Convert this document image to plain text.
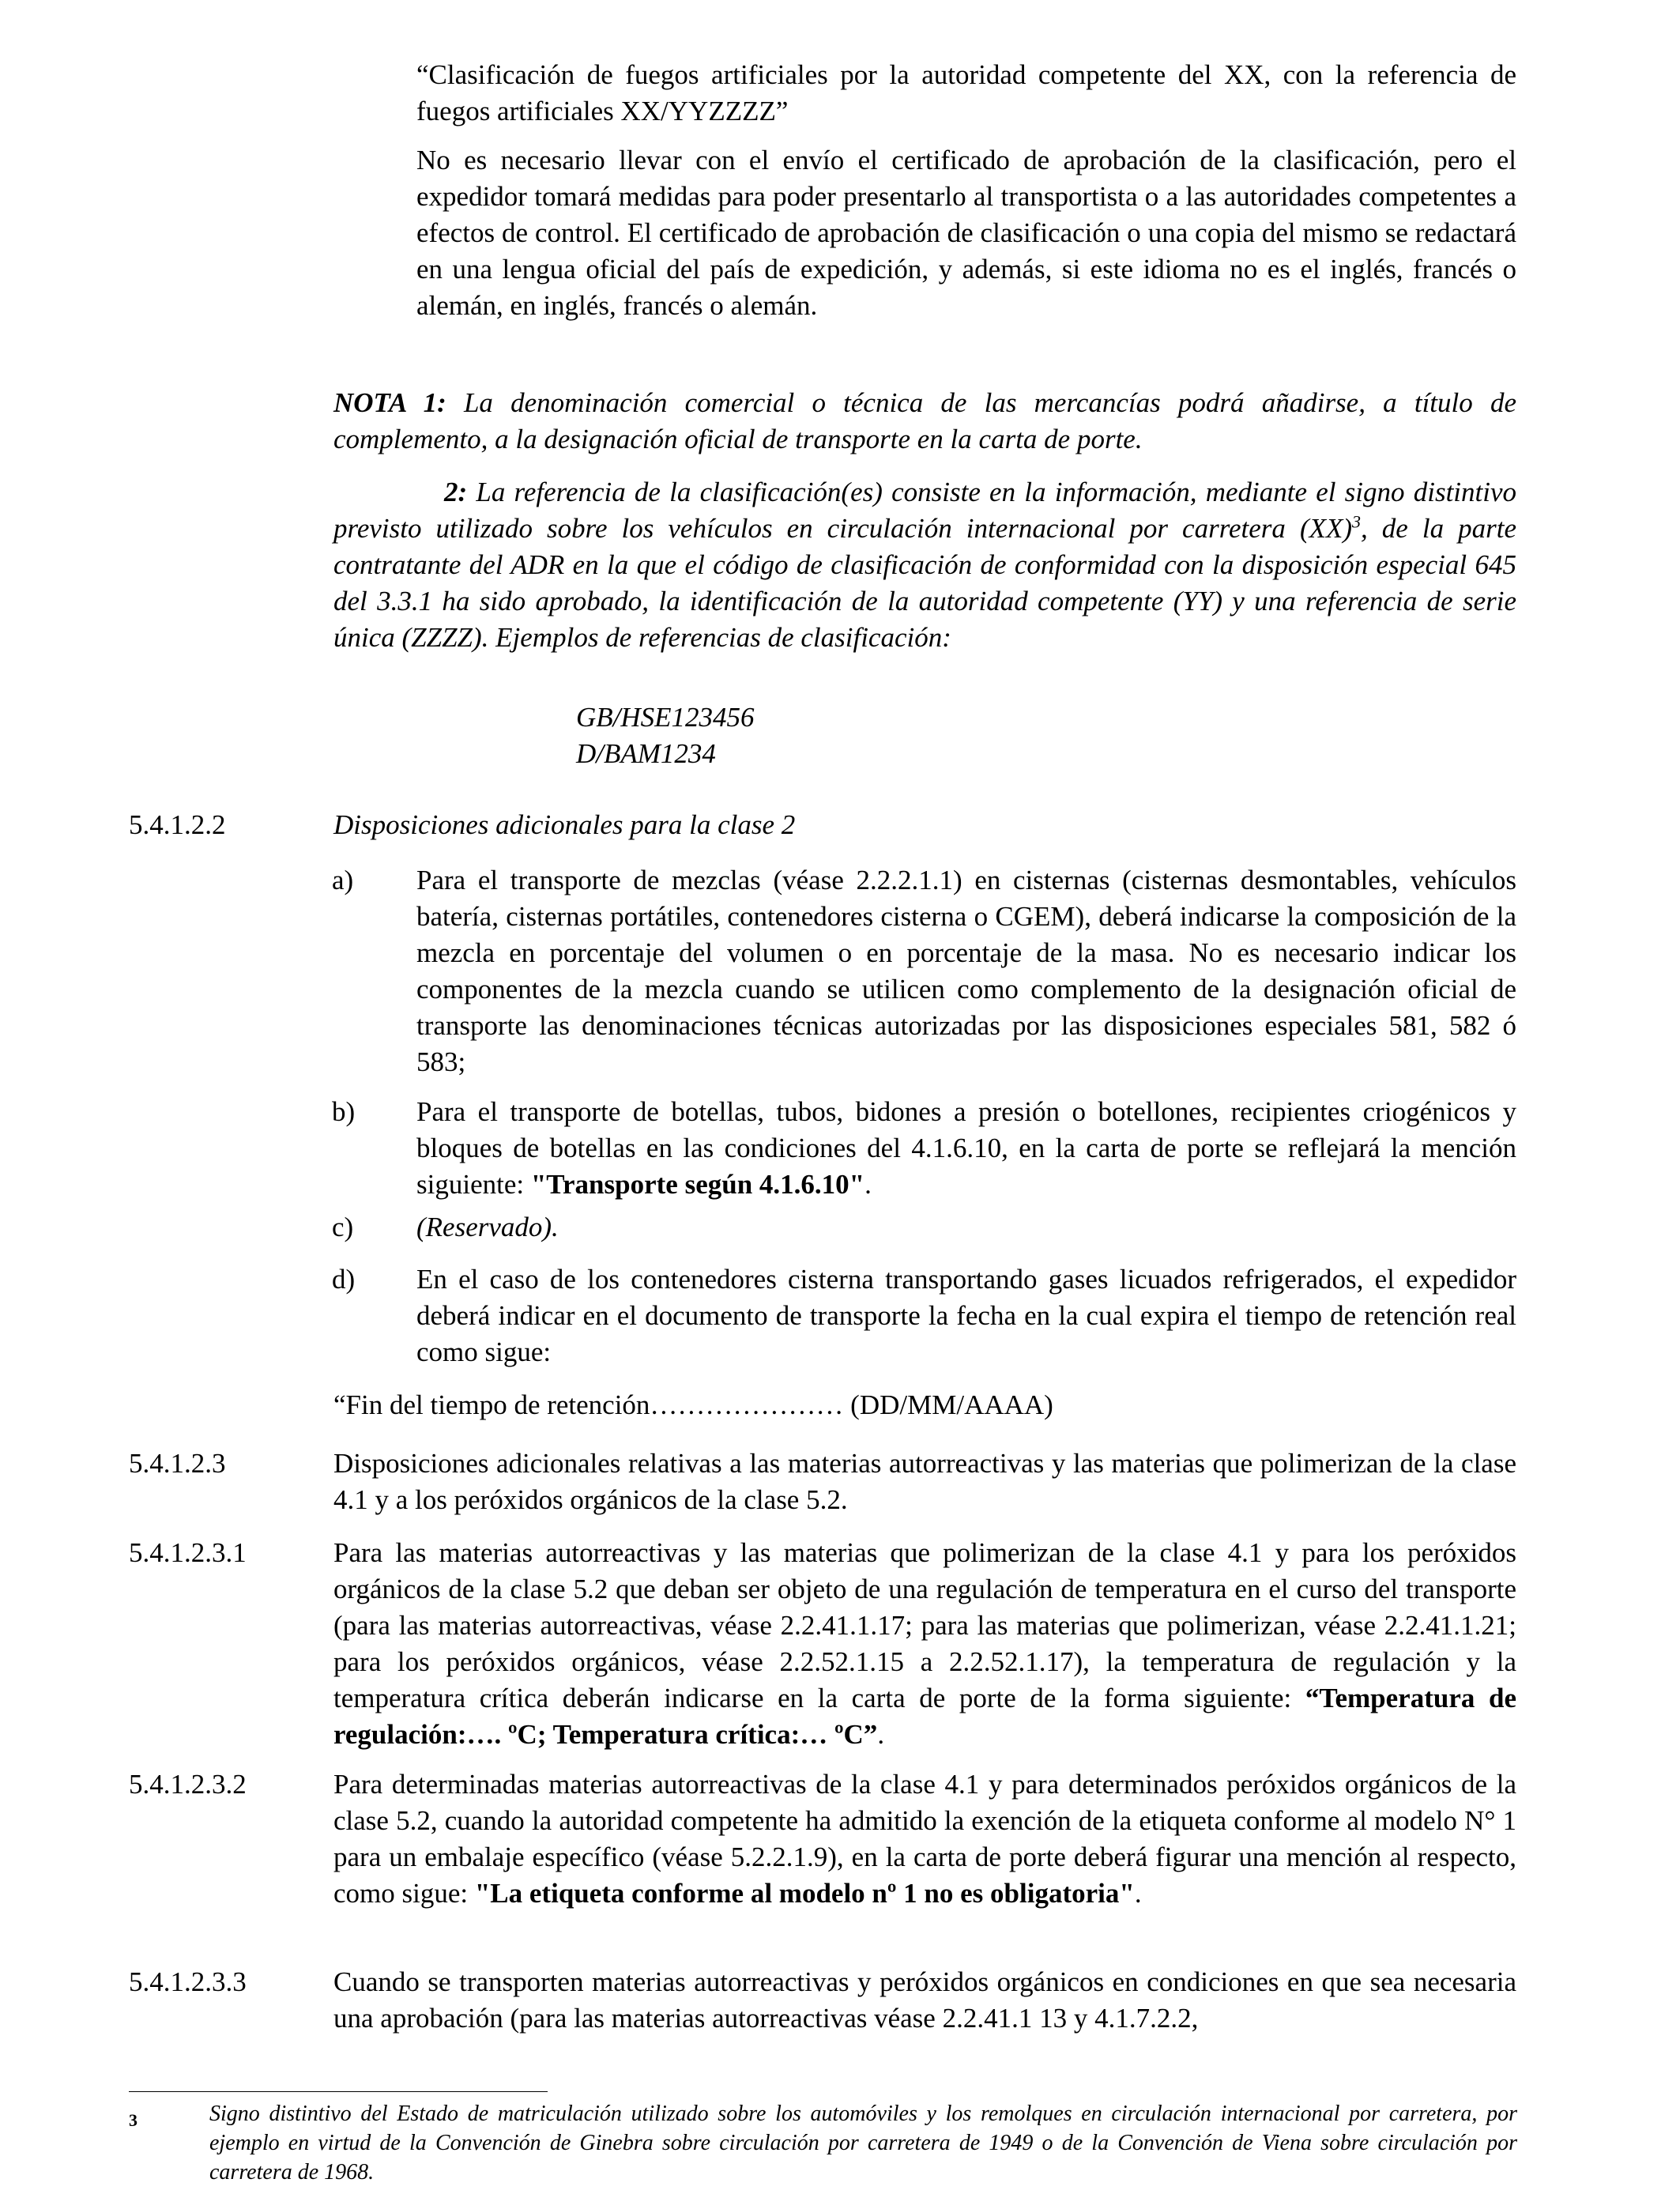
“Clasificación de fuegos artificiales por la autoridad competente del XX, con la referencia de fuegos artificiales XX/YYZZZZ”

No es necesario llevar con el envío el certificado de aprobación de la clasificación, pero el expedidor tomará medidas para poder presentarlo al transportista o a las autoridades competentes a efectos de control. El certificado de aprobación de clasificación o una copia del mismo se redactará en una lengua oficial del país de expedición, y además, si este idioma no es el inglés, francés o alemán, en inglés, francés o alemán.

NOTA 1: La denominación comercial o técnica de las mercancías podrá añadirse, a título de complemento, a la designación oficial de transporte en la carta de porte.

2: La referencia de la clasificación(es) consiste en la información, mediante el signo distintivo previsto utilizado sobre los vehículos en circulación internacional por carretera (XX)$^3$, de la parte contratante del ADR en la que el código de clasificación de conformidad con la disposición especial 645 del 3.3.1 ha sido aprobado, la identificación de la autoridad competente (YY) y una referencia de serie única (ZZZZ). Ejemplos de referencias de clasificación:

GB/HSE123456

D/BAM1234

5.4.1.2.2	Disposiciones adicionales para la clase 2
a) Para el transporte de mezclas (véase 2.2.2.1.1) en cisternas (cisternas desmontables, vehículos batería, cisternas portátiles, contenedores cisterna o CGEM), deberá indicarse la composición de la mezcla en porcentaje del volumen o en porcentaje de la masa. No es necesario indicar los componentes de la mezcla cuando se utilicen como complemento de la designación oficial de transporte las denominaciones técnicas autorizadas por las disposiciones especiales 581, 582 ó 583;
b) Para el transporte de botellas, tubos, bidones a presión o botellones, recipientes criogénicos y bloques de botellas en las condiciones del 4.1.6.10, en la carta de porte se reflejará la mención siguiente: "Transporte según 4.1.6.10".

c) (Reservado).
d) En el caso de los contenedores cisterna transportando gases licuados refrigerados, el expedidor deberá indicar en el documento de transporte la fecha en la cual expira el tiempo de retención real como sigue:
“Fin del tiempo de retención………………… (DD/MM/AAAA)
5.4.1.2.3	Disposiciones adicionales relativas a las materias autorreactivas y las materias que polimerizan de la clase 4.1 y a los peróxidos orgánicos de la clase 5.2.
5.4.1.2.3.1	Para las materias autorreactivas y las materias que polimerizan de la clase 4.1 y para los peróxidos orgánicos de la clase 5.2 que deban ser objeto de una regulación de temperatura en el curso del transporte (para las materias autorreactivas, véase 2.2.41.1.17; para las materias que polimerizan, véase 2.2.41.1.21; para los peróxidos orgánicos, véase 2.2.52.1.15 a 2.2.52.1.17), la temperatura de regulación y la temperatura crítica deberán indicarse en la carta de porte de la forma siguiente: “Temperatura de regulación:…. ºC; Temperatura crítica:… ºC”.

5.4.1.2.3.2	Para determinadas materias autorreactivas de la clase 4.1 y para determinados peróxidos orgánicos de la clase 5.2, cuando la autoridad competente ha admitido la exención de la etiqueta conforme al modelo N° 1 para un embalaje específico (véase 5.2.2.1.9), en la carta de porte deberá figurar una mención al respecto, como sigue: "La etiqueta conforme al modelo nº 1 no es obligatoria".

5.4.1.2.3.3	Cuando se transporten materias autorreactivas y peróxidos orgánicos en condiciones en que sea necesaria una aprobación (para las materias autorreactivas véase 2.2.41.1 13 y 4.1.7.2.2,
3	Signo distintivo del Estado de matriculación utilizado sobre los automóviles y los remolques en circulación internacional por carretera, por ejemplo en virtud de la Convención de Ginebra sobre circulación por carretera de 1949 o de la Convención de Viena sobre circulación por carretera de 1968.
